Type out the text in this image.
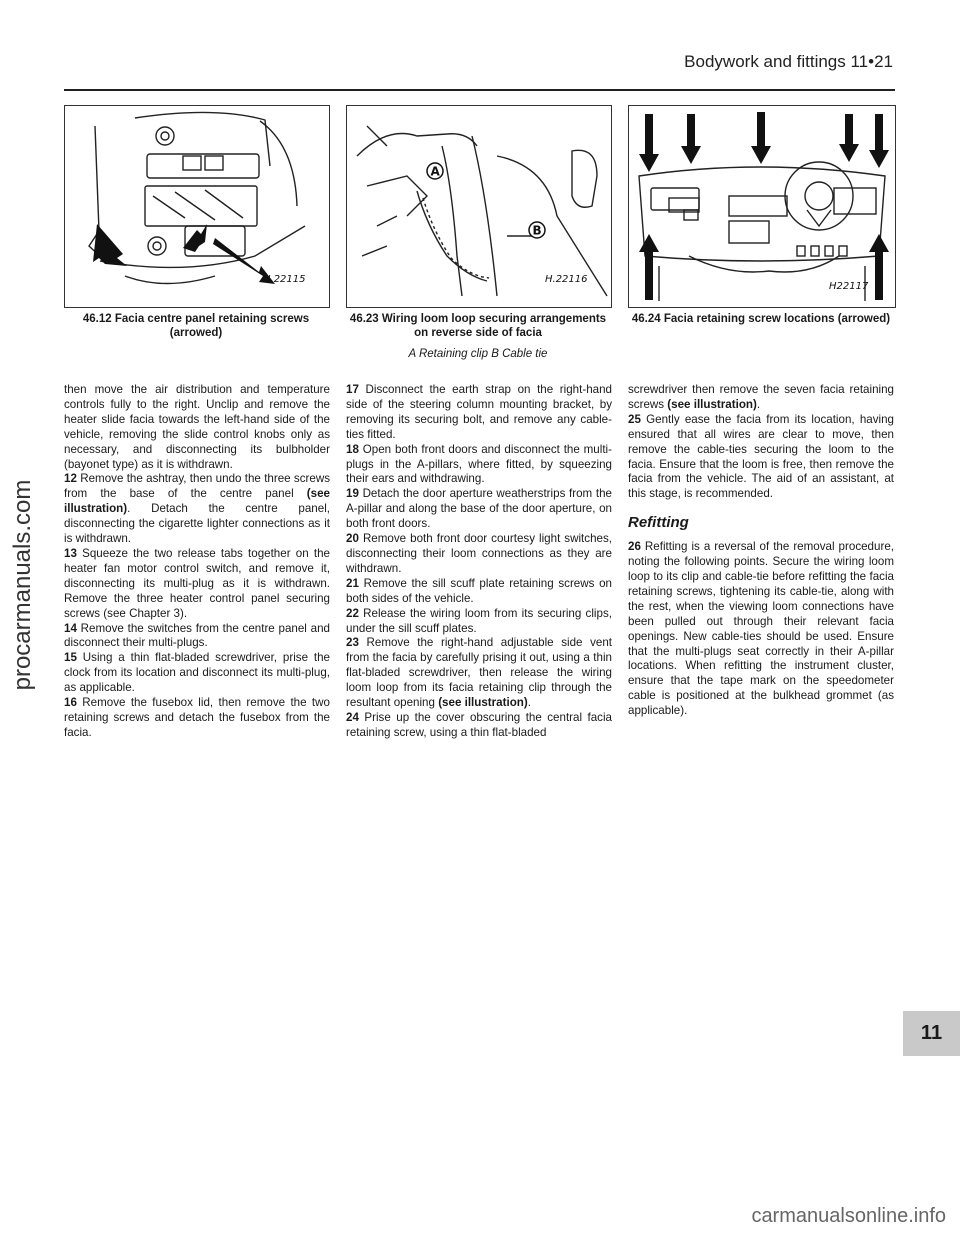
Bodywork and fittings 11•21
H.22115
46.12 Facia centre panel retaining screws (arrowed)
A
B
H.22116
46.23 Wiring loom loop securing arrangements on reverse side of facia
A Retaining clip B Cable tie
H22117
46.24 Facia retaining screw locations (arrowed)

then move the air distribution and temperature controls fully to the right. Unclip and remove the heater slide facia towards the left-hand side of the vehicle, removing the slide control knobs only as necessary, and disconnecting its bulbholder (bayonet type) as it is withdrawn.

12 Remove the ashtray, then undo the three screws from the base of the centre panel (see illustration). Detach the centre panel, disconnecting the cigarette lighter connections as it is withdrawn.

13 Squeeze the two release tabs together on the heater fan motor control switch, and remove it, disconnecting its multi-plug as it is withdrawn. Remove the three heater control panel securing screws (see Chapter 3).

14 Remove the switches from the centre panel and disconnect their multi-plugs.

15 Using a thin flat-bladed screwdriver, prise the clock from its location and disconnect its multi-plug, as applicable.

16 Remove the fusebox lid, then remove the two retaining screws and detach the fusebox from the facia.

17 Disconnect the earth strap on the right-hand side of the steering column mounting bracket, by removing its securing bolt, and remove any cable-ties fitted.

18 Open both front doors and disconnect the multi-plugs in the A-pillars, where fitted, by squeezing their ears and withdrawing.

19 Detach the door aperture weatherstrips from the A-pillar and along the base of the door aperture, on both front doors.

20 Remove both front door courtesy light switches, disconnecting their loom connections as they are withdrawn.

21 Remove the sill scuff plate retaining screws on both sides of the vehicle.

22 Release the wiring loom from its securing clips, under the sill scuff plates.

23 Remove the right-hand adjustable side vent from the facia by carefully prising it out, using a thin flat-bladed screwdriver, then release the wiring loom loop from its facia retaining clip through the resultant opening (see illustration).

24 Prise up the cover obscuring the central facia retaining screw, using a thin flat-bladed

screwdriver then remove the seven facia retaining screws (see illustration).

25 Gently ease the facia from its location, having ensured that all wires are clear to move, then remove the cable-ties securing the loom to the facia. Ensure that the loom is free, then remove the facia from the vehicle. The aid of an assistant, at this stage, is recommended.

Refitting

26 Refitting is a reversal of the removal procedure, noting the following points. Secure the wiring loom loop to its clip and cable-tie before refitting the facia retaining screws, tightening its cable-tie, along with the rest, when the viewing loom connections have been pulled out through their relevant facia openings. New cable-ties should be used. Ensure that the multi-plugs seat correctly in their A-pillar locations. When refitting the instrument cluster, ensure that the tape mark on the speedometer cable is positioned at the bulkhead grommet (as applicable).

procarmanuals.com
11
carmanualsonline.info
